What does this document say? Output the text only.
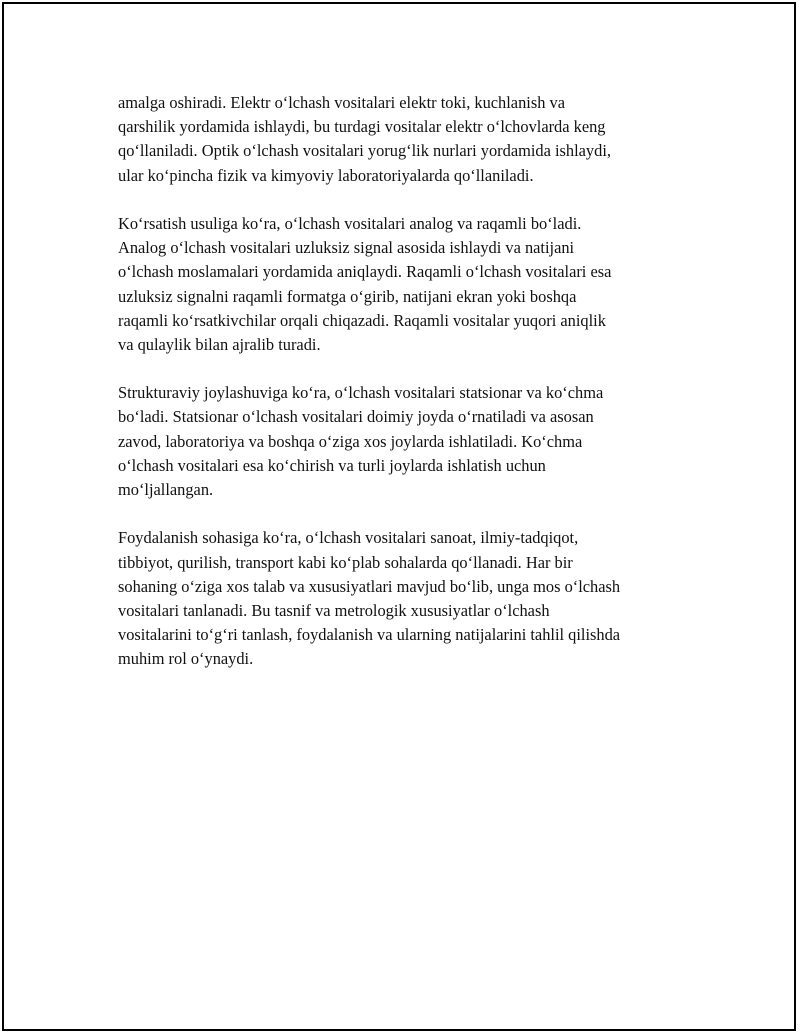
amalga oshiradi. Elektr o‘lchash vositalari elektr toki, kuchlanish va
qarshilik yordamida ishlaydi, bu turdagi vositalar elektr o‘lchovlarda keng
qo‘llaniladi. Optik o‘lchash vositalari yorug‘lik nurlari yordamida ishlaydi,
ular ko‘pincha fizik va kimyoviy laboratoriyalarda qo‘llaniladi.

Ko‘rsatish usuliga ko‘ra, o‘lchash vositalari analog va raqamli bo‘ladi.
Analog o‘lchash vositalari uzluksiz signal asosida ishlaydi va natijani
o‘lchash moslamalari yordamida aniqlaydi. Raqamli o‘lchash vositalari esa
uzluksiz signalni raqamli formatga o‘girib, natijani ekran yoki boshqa
raqamli ko‘rsatkivchilar orqali chiqazadi. Raqamli vositalar yuqori aniqlik
va qulaylik bilan ajralib turadi.

Strukturaviy joylashuviga ko‘ra, o‘lchash vositalari statsionar va ko‘chma
bo‘ladi. Statsionar o‘lchash vositalari doimiy joyda o‘rnatiladi va asosan
zavod, laboratoriya va boshqa o‘ziga xos joylarda ishlatiladi. Ko‘chma
o‘lchash vositalari esa ko‘chirish va turli joylarda ishlatish uchun
mo‘ljallangan.

Foydalanish sohasiga ko‘ra, o‘lchash vositalari sanoat, ilmiy-tadqiqot,
tibbiyot, qurilish, transport kabi ko‘plab sohalarda qo‘llanadi. Har bir
sohaning o‘ziga xos talab va xususiyatlari mavjud bo‘lib, unga mos o‘lchash
vositalari tanlanadi. Bu tasnif va metrologik xususiyatlar o‘lchash
vositalarini to‘g‘ri tanlash, foydalanish va ularning natijalarini tahlil qilishda
muhim rol o‘ynaydi.
